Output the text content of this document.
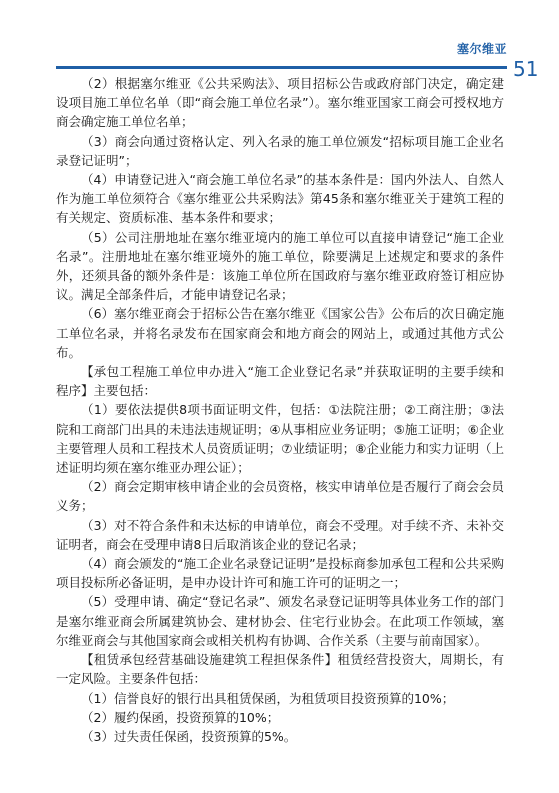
塞尔维亚
51

（2）根据塞尔维亚《公共采购法》、项目招标公告或政府部门决定，确定建设项目施工单位名单（即“商会施工单位名录”）。塞尔维亚国家工商会可授权地方商会确定施工单位名单；

（3）商会向通过资格认定、列入名录的施工单位颁发“招标项目施工企业名录登记证明”；

（4）申请登记进入“商会施工单位名录”的基本条件是：国内外法人、自然人作为施工单位须符合《塞尔维亚公共采购法》第45条和塞尔维亚关于建筑工程的有关规定、资质标准、基本条件和要求；

（5）公司注册地址在塞尔维亚境内的施工单位可以直接申请登记“施工企业名录”。注册地址在塞尔维亚境外的施工单位，除要满足上述规定和要求的条件外，还须具备的额外条件是：该施工单位所在国政府与塞尔维亚政府签订相应协议。满足全部条件后，才能申请登记名录；

（6）塞尔维亚商会于招标公告在塞尔维亚《国家公告》公布后的次日确定施工单位名录，并将名录发布在国家商会和地方商会的网站上，或通过其他方式公布。

【承包工程施工单位申办进入“施工企业登记名录”并获取证明的主要手续和程序】主要包括：

（1）要依法提供8项书面证明文件，包括：①法院注册；②工商注册；③法院和工商部门出具的未违法违规证明；④从事相应业务证明；⑤施工证明；⑥企业主要管理人员和工程技术人员资质证明；⑦业绩证明；⑧企业能力和实力证明（上述证明均须在塞尔维亚办理公证）；

（2）商会定期审核申请企业的会员资格，核实申请单位是否履行了商会会员义务；

（3）对不符合条件和未达标的申请单位，商会不受理。对手续不齐、未补交证明者，商会在受理申请8日后取消该企业的登记名录；

（4）商会颁发的“施工企业名录登记证明”是投标商参加承包工程和公共采购项目投标所必备证明，是申办设计许可和施工许可的证明之一；

（5）受理申请、确定“登记名录”、颁发名录登记证明等具体业务工作的部门是塞尔维亚商会所属建筑协会、建材协会、住宅行业协会。在此项工作领域，塞尔维亚商会与其他国家商会或相关机构有协调、合作关系（主要与前南国家）。

【租赁承包经营基础设施建筑工程担保条件】租赁经营投资大，周期长，有一定风险。主要条件包括：

（1）信誉良好的银行出具租赁保函，为租赁项目投资预算的10%；

（2）履约保函，投资预算的10%；

（3）过失责任保函，投资预算的5%。
